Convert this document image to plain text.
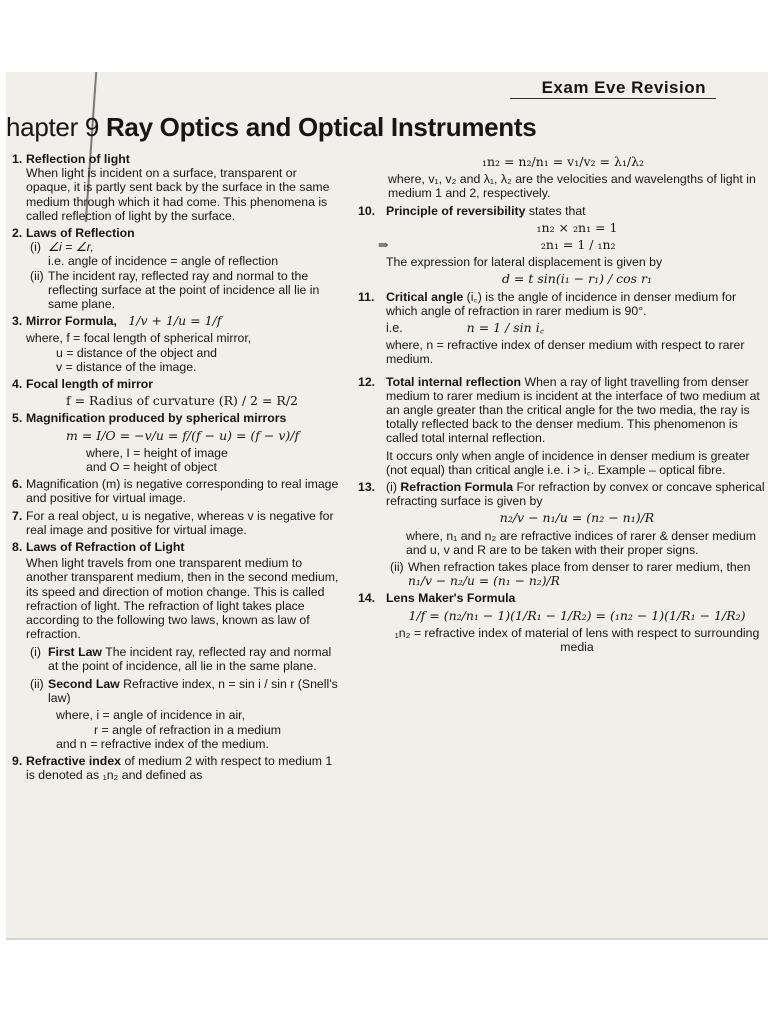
Exam Eve Revision
hapter 9 Ray Optics and Optical Instruments
1. Reflection of light
When light is incident on a surface, transparent or opaque, it is partly sent back by the surface in the same medium through which it had come. This phenomena is called reflection of light by the surface.
2. Laws of Reflection
(i) ∠i = ∠r,
i.e. angle of incidence = angle of reflection
(ii) The incident ray, reflected ray and normal to the reflecting surface at the point of incidence all lie in same plane.
3. Mirror Formula, 1/v + 1/u = 1/f
where, f = focal length of spherical mirror,
u = distance of the object and
v = distance of the image.
4. Focal length of mirror
f = Radius of curvature (R) / 2 = R/2
5. Magnification produced by spherical mirrors
m = I/O = −v/u = f/(f − u) = (f − v)/f
where, I = height of image
and O = height of object
6. Magnification (m) is negative corresponding to real image and positive for virtual image.
7. For a real object, u is negative, whereas v is negative for real image and positive for virtual image.
8. Laws of Refraction of Light
When light travels from one transparent medium to another transparent medium, then in the second medium, its speed and direction of motion change. This is called refraction of light. The refraction of light takes place according to the following two laws, known as law of refraction.
(i) First Law The incident ray, reflected ray and normal at the point of incidence, all lie in the same plane.
(ii) Second Law Refractive index, n = sin i / sin r (Snell's law)
where, i = angle of incidence in air,
r = angle of refraction in a medium
and n = refractive index of the medium.
9. Refractive index of medium 2 with respect to medium 1 is denoted as ₁n₂ and defined as
₁n₂ = n₂/n₁ = v₁/v₂ = λ₁/λ₂
where, v₁, v₂ and λ₁, λ₂ are the velocities and wavelengths of light in medium 1 and 2, respectively.
10. Principle of reversibility states that
₁n₂ × ₂n₁ = 1
⇒	₂n₁ = 1 / ₁n₂
The expression for lateral displacement is given by
d = t sin(i₁ − r₁) / cos r₁
11. Critical angle (i꜀) is the angle of incidence in denser medium for which angle of refraction in rarer medium is 90°.
i.e.	n = 1 / sin i꜀
where, n = refractive index of denser medium with respect to rarer medium.
12. Total internal reflection When a ray of light travelling from denser medium to rarer medium is incident at the interface of two medium at an angle greater than the critical angle for the two media, the ray is totally reflected back to the denser medium. This phenomenon is called total internal reflection.
It occurs only when angle of incidence in denser medium is greater (not equal) than critical angle i.e. i > i꜀. Example – optical fibre.
13. (i) Refraction Formula For refraction by convex or concave spherical refracting surface is given by
n₂/v − n₁/u = (n₂ − n₁)/R
where, n₁ and n₂ are refractive indices of rarer & denser medium and u, v and R are to be taken with their proper signs.
(ii) When refraction takes place from denser to rarer medium, then n₁/v − n₂/u = (n₁ − n₂)/R
14. Lens Maker's Formula
1/f = (n₂/n₁ − 1)(1/R₁ − 1/R₂) = (₁n₂ − 1)(1/R₁ − 1/R₂)
₁n₂ = refractive index of material of lens with respect to surrounding media
